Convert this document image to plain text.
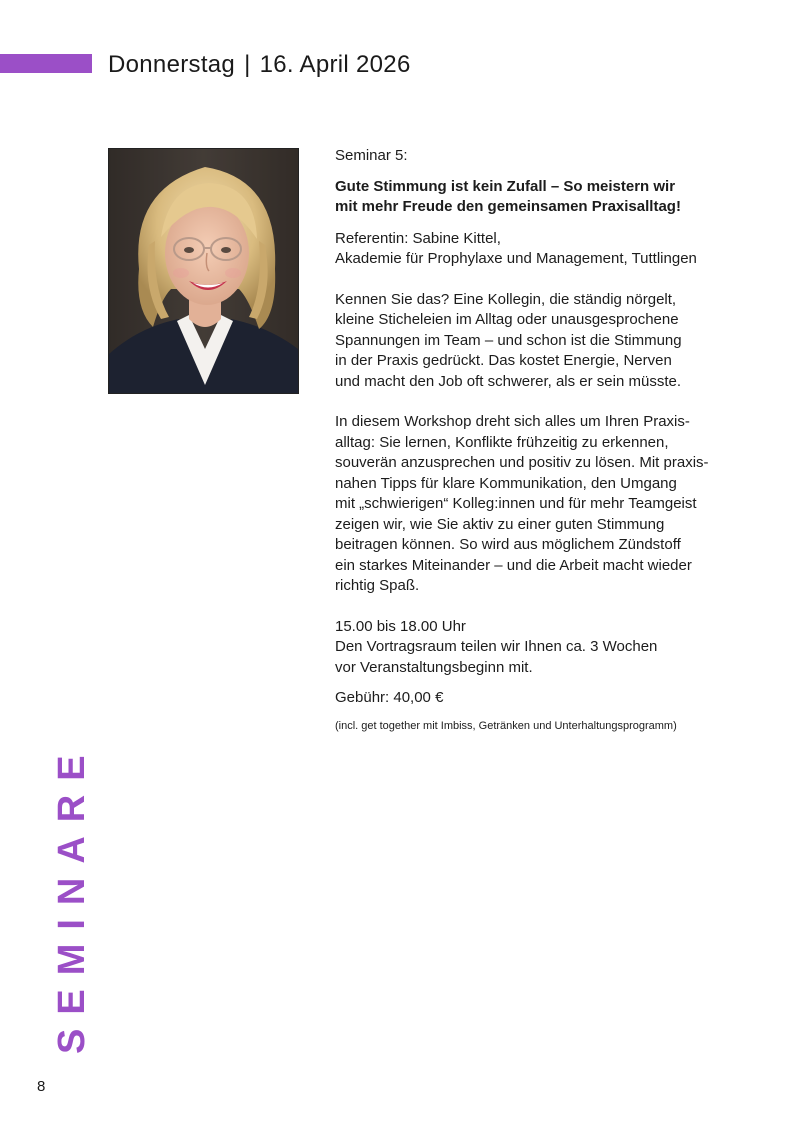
Donnerstag | 16. April 2026

Seminar 5:

Gute Stimmung ist kein Zufall – So meistern wir
mit mehr Freude den gemeinsamen Praxisalltag!

Referentin: Sabine Kittel,
Akademie für Prophylaxe und Management, Tuttlingen

Kennen Sie das? Eine Kollegin, die ständig nörgelt,
kleine Sticheleien im Alltag oder unausgesprochene
Spannungen im Team – und schon ist die Stimmung
in der Praxis gedrückt. Das kostet Energie, Nerven
und macht den Job oft schwerer, als er sein müsste.

In diesem Workshop dreht sich alles um Ihren Praxis-
alltag: Sie lernen, Konflikte frühzeitig zu erkennen,
souverän anzusprechen und positiv zu lösen. Mit praxis-
nahen Tipps für klare Kommunikation, den Umgang
mit „schwierigen“ Kolleg:innen und für mehr Teamgeist
zeigen wir, wie Sie aktiv zu einer guten Stimmung
beitragen können. So wird aus möglichem Zündstoff
ein starkes Miteinander – und die Arbeit macht wieder
richtig Spaß.

15.00 bis 18.00 Uhr
Den Vortragsraum teilen wir Ihnen ca. 3 Wochen
vor Veranstaltungsbeginn mit.

Gebühr: 40,00 €

(incl. get together mit Imbiss, Getränken und Unterhaltungsprogramm)

SEMINARE
8
